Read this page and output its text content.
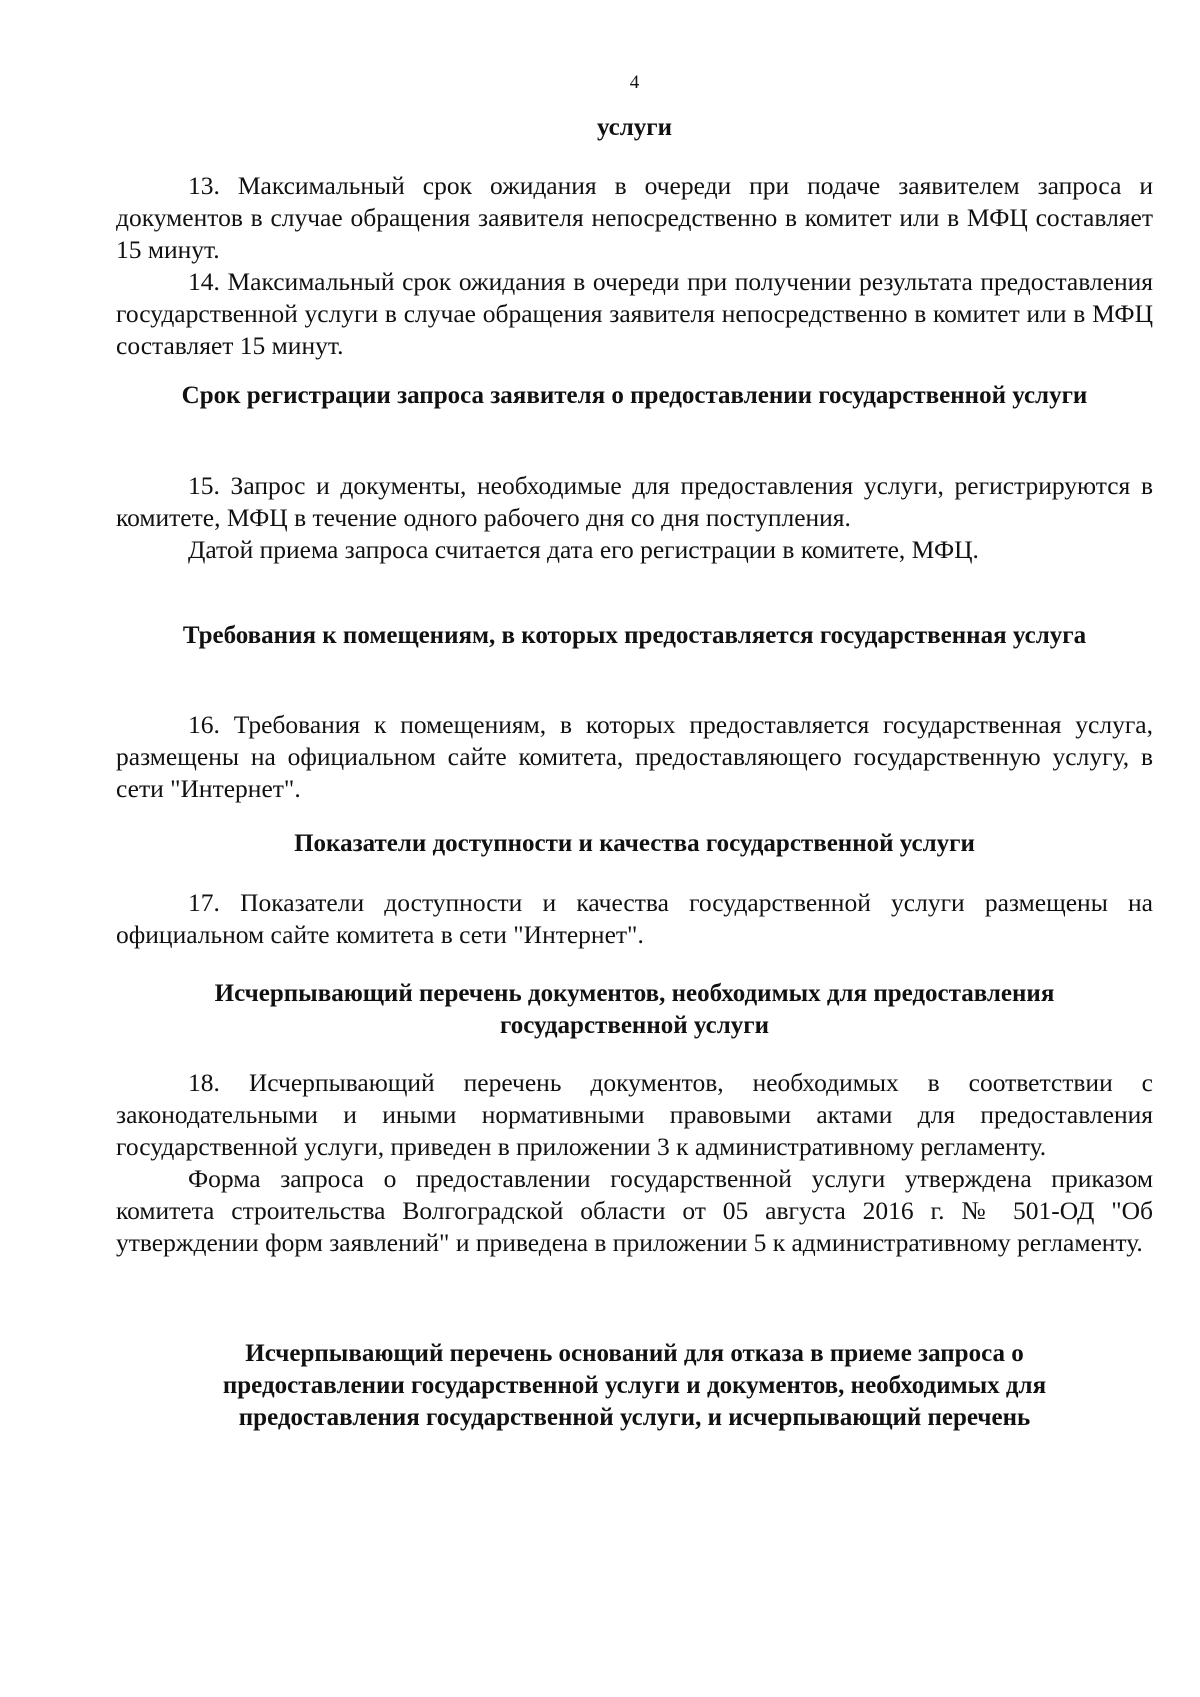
4
услуги

13. Максимальный срок ожидания в очереди при подаче заявителем запроса и документов в случае обращения заявителя непосредственно в комитет или в МФЦ составляет 15 минут.

14. Максимальный срок ожидания в очереди при получении результата предоставления государственной услуги в случае обращения заявителя непосредственно в комитет или в МФЦ составляет 15 минут.

Срок регистрации запроса заявителя о предоставлении государственной услуги

15. Запрос и документы, необходимые для предоставления услуги, регистрируются в комитете, МФЦ в течение одного рабочего дня со дня поступления.

Датой приема запроса считается дата его регистрации в комитете, МФЦ.

Требования к помещениям, в которых предоставляется государственная услуга

16. Требования к помещениям, в которых предоставляется государственная услуга, размещены на официальном сайте комитета, предоставляющего государственную услугу, в сети "Интернет".

Показатели доступности и качества государственной услуги

17. Показатели доступности и качества государственной услуги размещены на официальном сайте комитета в сети "Интернет".

Исчерпывающий перечень документов, необходимых для предоставления государственной услуги

18. Исчерпывающий перечень документов, необходимых в соответствии с законодательными и иными нормативными правовыми актами для предоставления государственной услуги, приведен в приложении 3 к административному регламенту.

Форма запроса о предоставлении государственной услуги утверждена приказом комитета строительства Волгоградской области от 05 августа 2016 г. № 501-ОД "Об утверждении форм заявлений" и приведена в приложении 5 к административному регламенту.

Исчерпывающий перечень оснований для отказа в приеме запроса о предоставлении государственной услуги и документов, необходимых для предоставления государственной услуги, и исчерпывающий перечень
